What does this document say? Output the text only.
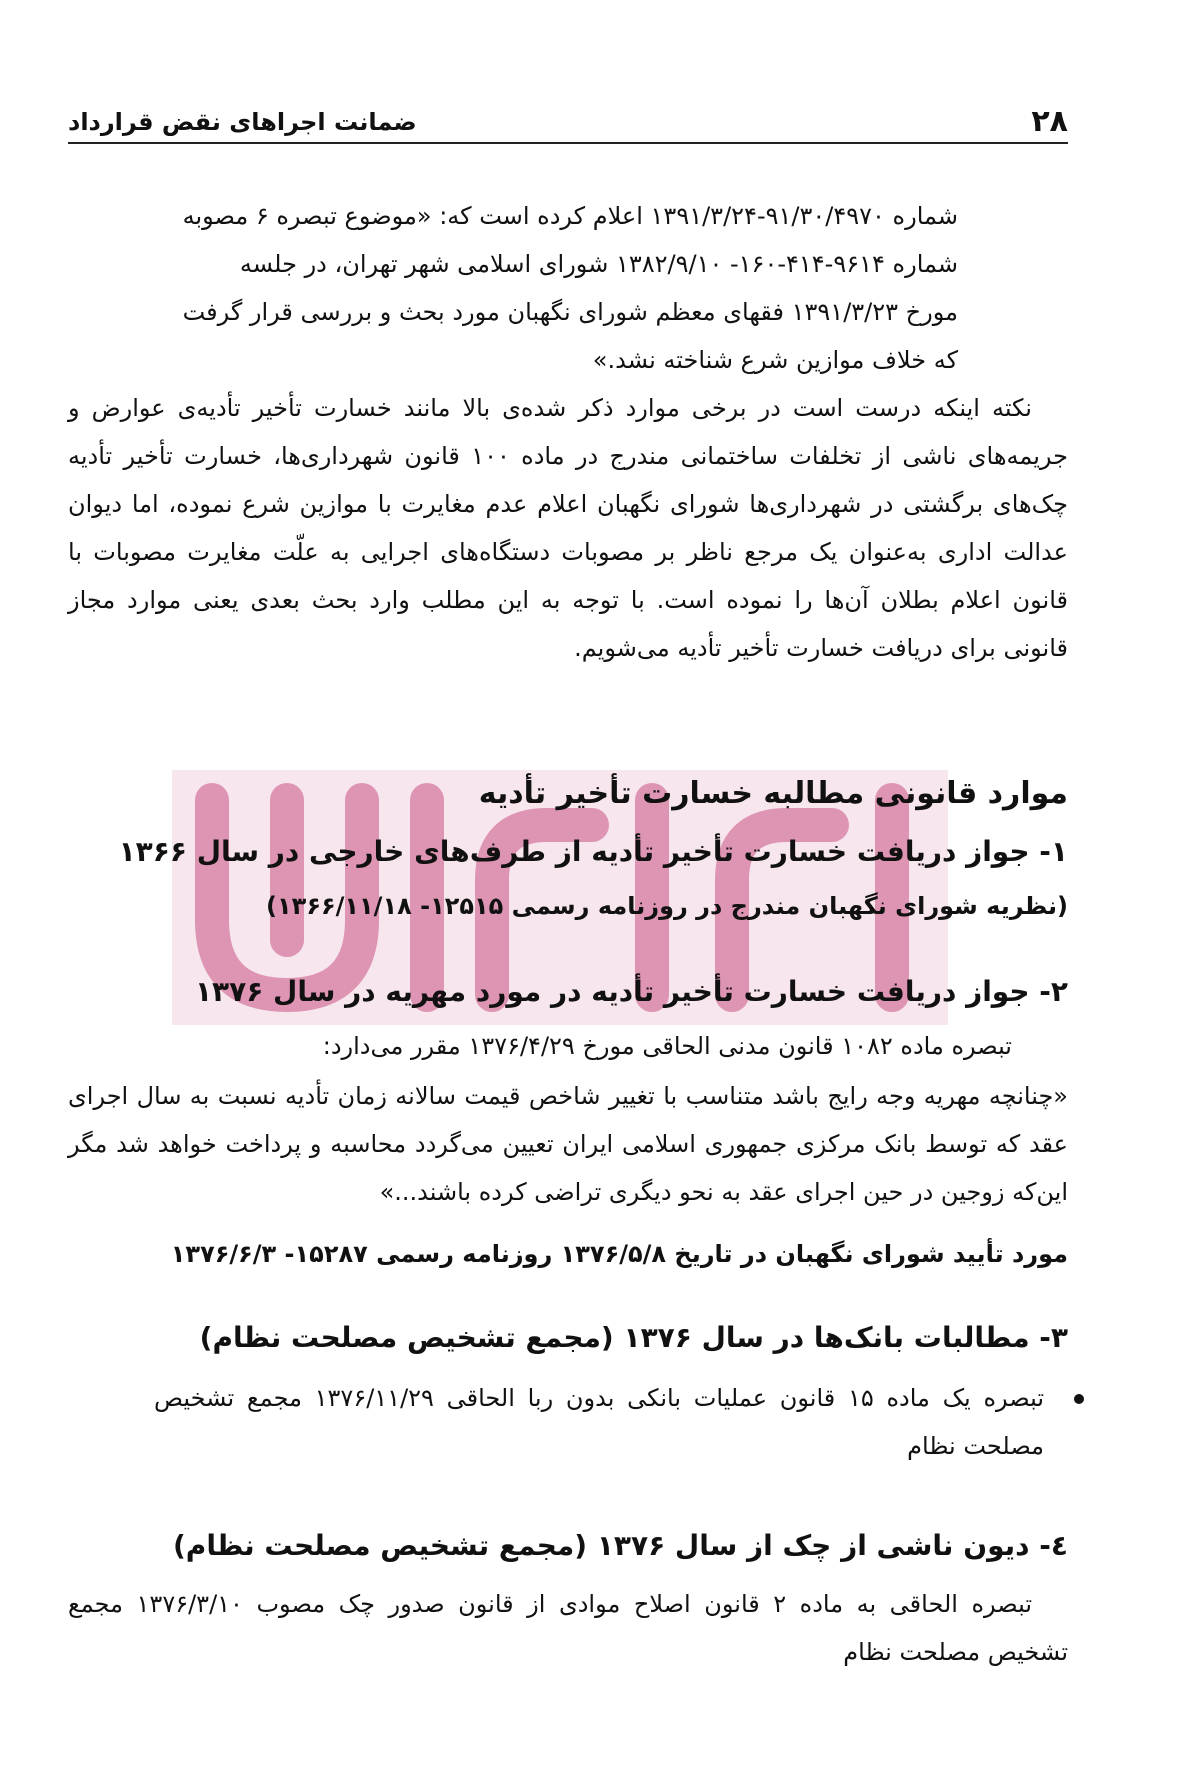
۲۸
ضمانت اجراهای نقض قرارداد
شماره ۹۱/۳۰/۴۹۷۰-۱۳۹۱/۳/۲۴ اعلام کرده است که: «موضوع تبصره ۶ مصوبه
شماره ۹۶۱۴-۴۱۴-۱۶۰- ۱۳۸۲/۹/۱۰ شورای اسلامی شهر تهران، در جلسه
مورخ ۱۳۹۱/۳/۲۳ فقهای معظم شورای نگهبان مورد بحث و بررسی قرار گرفت
که خلاف موازین شرع شناخته نشد.»
نکته اینکه درست است در برخی موارد ذکر شده‌ی بالا مانند خسارت تأخیر تأدیه‌ی عوارض و جریمه‌های ناشی از تخلفات ساختمانی مندرج در ماده ۱۰۰ قانون شهرداری‌ها، خسارت تأخیر تأدیه چک‌های برگشتی در شهرداری‌ها شورای نگهبان اعلام عدم مغایرت با موازین شرع نموده، اما دیوان عدالت اداری به‌عنوان یک مرجع ناظر بر مصوبات دستگاه‌های اجرایی به علّت مغایرت مصوبات با قانون اعلام بطلان آن‌ها را نموده است. با توجه به این مطلب وارد بحث بعدی یعنی موارد مجاز قانونی برای دریافت خسارت تأخیر تأدیه می‌شویم.
موارد قانونی مطالبه خسارت تأخیر تأدیه
۱- جواز دریافت خسارت تأخیر تأدیه از طرف‌های خارجی در سال ۱۳۶۶
(نظریه شورای نگهبان مندرج در روزنامه رسمی ۱۲۵۱۵- ۱۳۶۶/۱۱/۱۸)
۲- جواز دریافت خسارت تأخیر تأدیه در مورد مهریه در سال ۱۳۷۶
تبصره ماده ۱۰۸۲ قانون مدنی الحاقی مورخ ۱۳۷۶/۴/۲۹ مقرر می‌دارد:
«چنانچه مهریه وجه رایج باشد متناسب با تغییر شاخص قیمت سالانه زمان تأدیه نسبت به سال اجرای عقد که توسط بانک مرکزی جمهوری اسلامی ایران تعیین می‌گردد محاسبه و پرداخت خواهد شد مگر این‌که زوجین در حین اجرای عقد به نحو دیگری تراضی کرده باشند...»
مورد تأیید شورای نگهبان در تاریخ ۱۳۷۶/۵/۸ روزنامه رسمی ۱۵۲۸۷- ۱۳۷۶/۶/۳
۳- مطالبات بانک‌ها در سال ۱۳۷۶ (مجمع تشخیص مصلحت نظام)
تبصره یک ماده ۱۵ قانون عملیات بانکی بدون ربا الحاقی ۱۳۷۶/۱۱/۲۹ مجمع تشخیص مصلحت نظام
٤- دیون ناشی از چک از سال ۱۳۷۶ (مجمع تشخیص مصلحت نظام)
تبصره الحاقی به ماده ۲ قانون اصلاح موادی از قانون صدور چک مصوب ۱۳۷۶/۳/۱۰ مجمع تشخیص مصلحت نظام
